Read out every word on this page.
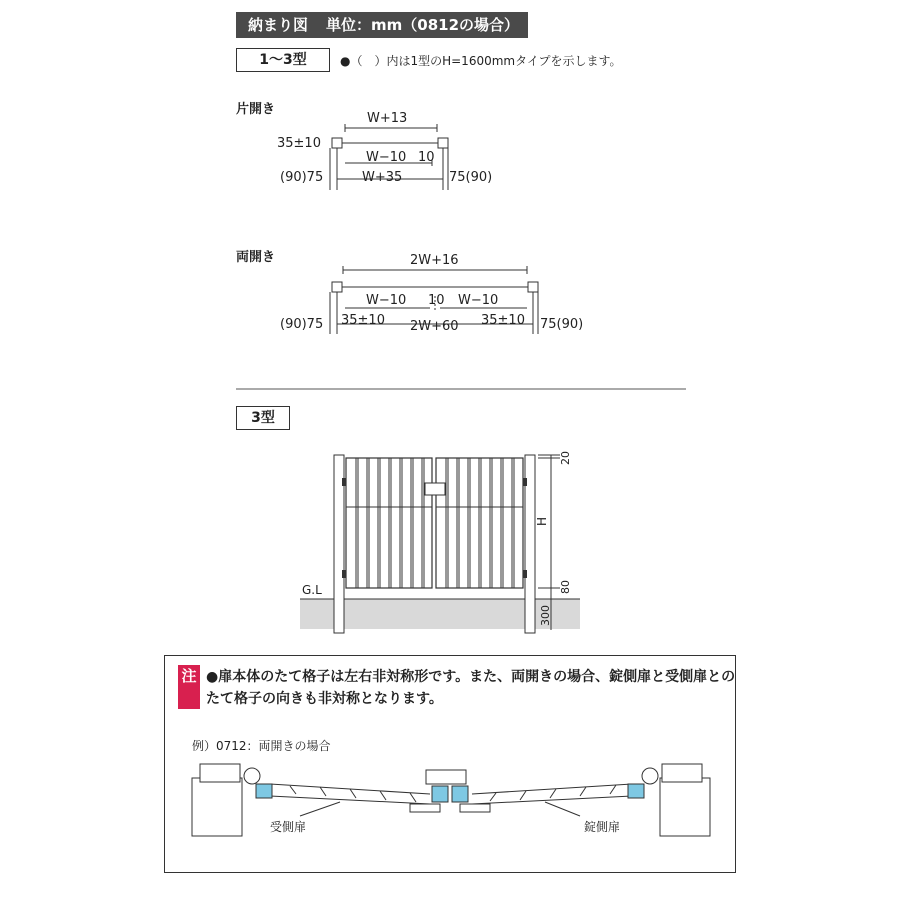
納まり図 単位：mm（0812の場合）
1〜3型	●（　）内は1型のH=1600mmタイプを示します。
片開き
両開き
3型
W+13
35±10
W−10 10
(90)75	W+35	75(90)
2W+16
W−10 10 W−10
(90)75 35±10 2W+60 35±10 75(90)
G.L
20
H
80
300
注 ●扉本体のたて格子は左右非対称形です。また、両開きの場合、錠側扉と受側扉とのたて格子の向きも非対称となります。
例）0712：両開きの場合
受側扉	錠側扉
